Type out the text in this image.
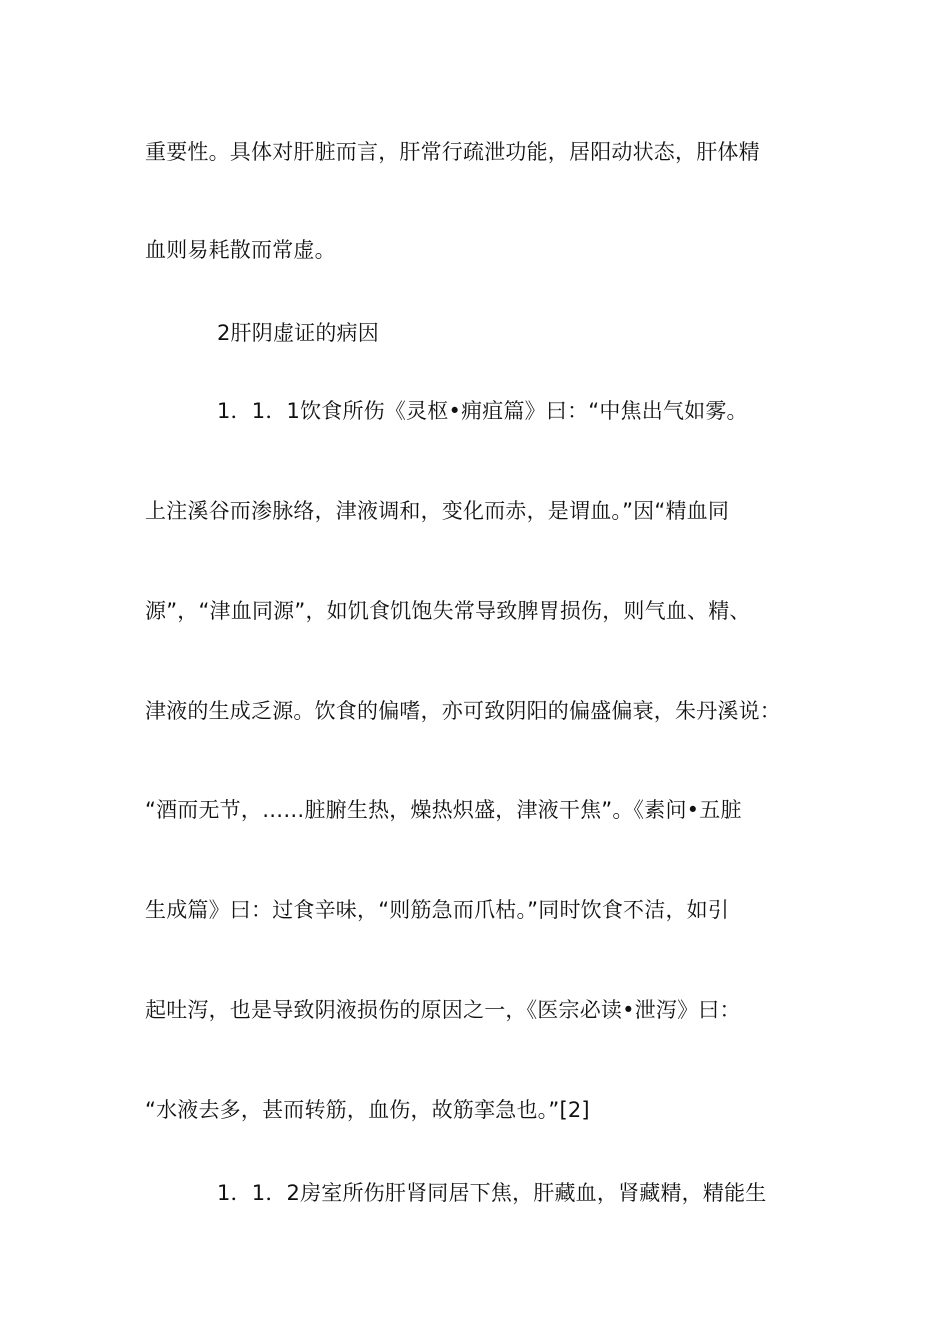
重要性。具体对肝脏而言，肝常行疏泄功能，居阳动状态，肝体精
血则易耗散而常虚。
2肝阴虚证的病因
1．1．1饮食所伤《灵枢•痈疽篇》曰：“中焦出气如雾。
上注溪谷而渗脉络，津液调和，变化而赤，是谓血。”因“精血同
源”，“津血同源”，如饥食饥饱失常导致脾胃损伤，则气血、精、
津液的生成乏源。饮食的偏嗜，亦可致阴阳的偏盛偏衰，朱丹溪说：
“酒而无节，……脏腑生热，燥热炽盛，津液干焦”。《素问•五脏
生成篇》曰：过食辛味，“则筋急而爪枯。”同时饮食不洁，如引
起吐泻，也是导致阴液损伤的原因之一，《医宗必读•泄泻》曰：
“水液去多，甚而转筋，血伤，故筋挛急也。”[2]
1．1．2房室所伤肝肾同居下焦，肝藏血，肾藏精，精能生
